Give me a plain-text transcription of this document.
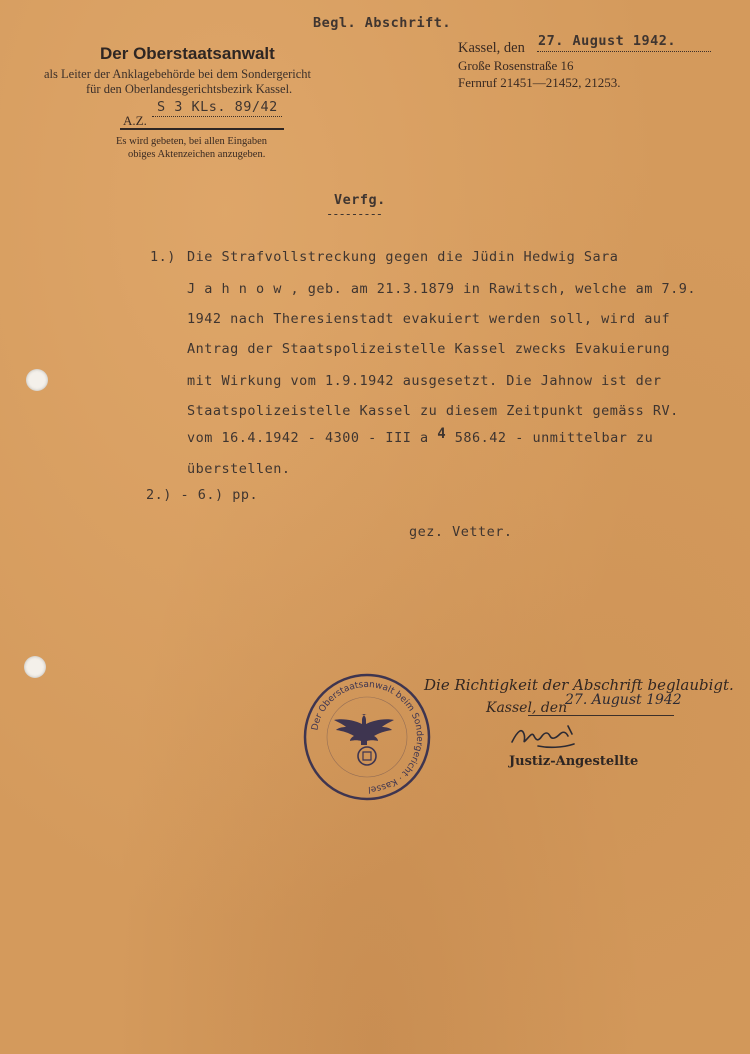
Der Oberstaatsanwalt
als Leiter der Anklagebehörde bei dem Sondergericht
für den Oberlandesgerichtsbezirk Kassel.
A.Z.
S 3 KLs. 89/42
Es wird gebeten, bei allen Eingaben
obiges Aktenzeichen anzugeben.
Begl. Abschrift.
Kassel, den 27. August 1942.
Große Rosenstraße 16
Fernruf 21451—21452, 21253.
Verfg.
---------
1.) Die Strafvollstreckung gegen die Jüdin Hedwig Sara
J a h n o w , geb. am 21.3.1879 in Rawitsch, welche am 7.9.
1942 nach Theresienstadt evakuiert werden soll, wird auf
Antrag der Staatspolizeistelle Kassel zwecks Evakuierung
mit Wirkung vom 1.9.1942 ausgesetzt. Die Jahnow ist der
Staatspolizeistelle Kassel zu diesem Zeitpunkt gemäss RV.
vom 16.4.1942 - 4300 - III a 4 586.42 - unmittelbar zu
überstellen.
2.) - 6.) pp.
gez. Vetter.
Der Oberstaatsanwalt beim Sondergericht · Kassel
Die Richtigkeit der Abschrift beglaubigt.
Kassel, den
27. August 1942
Justiz-Angestellte
